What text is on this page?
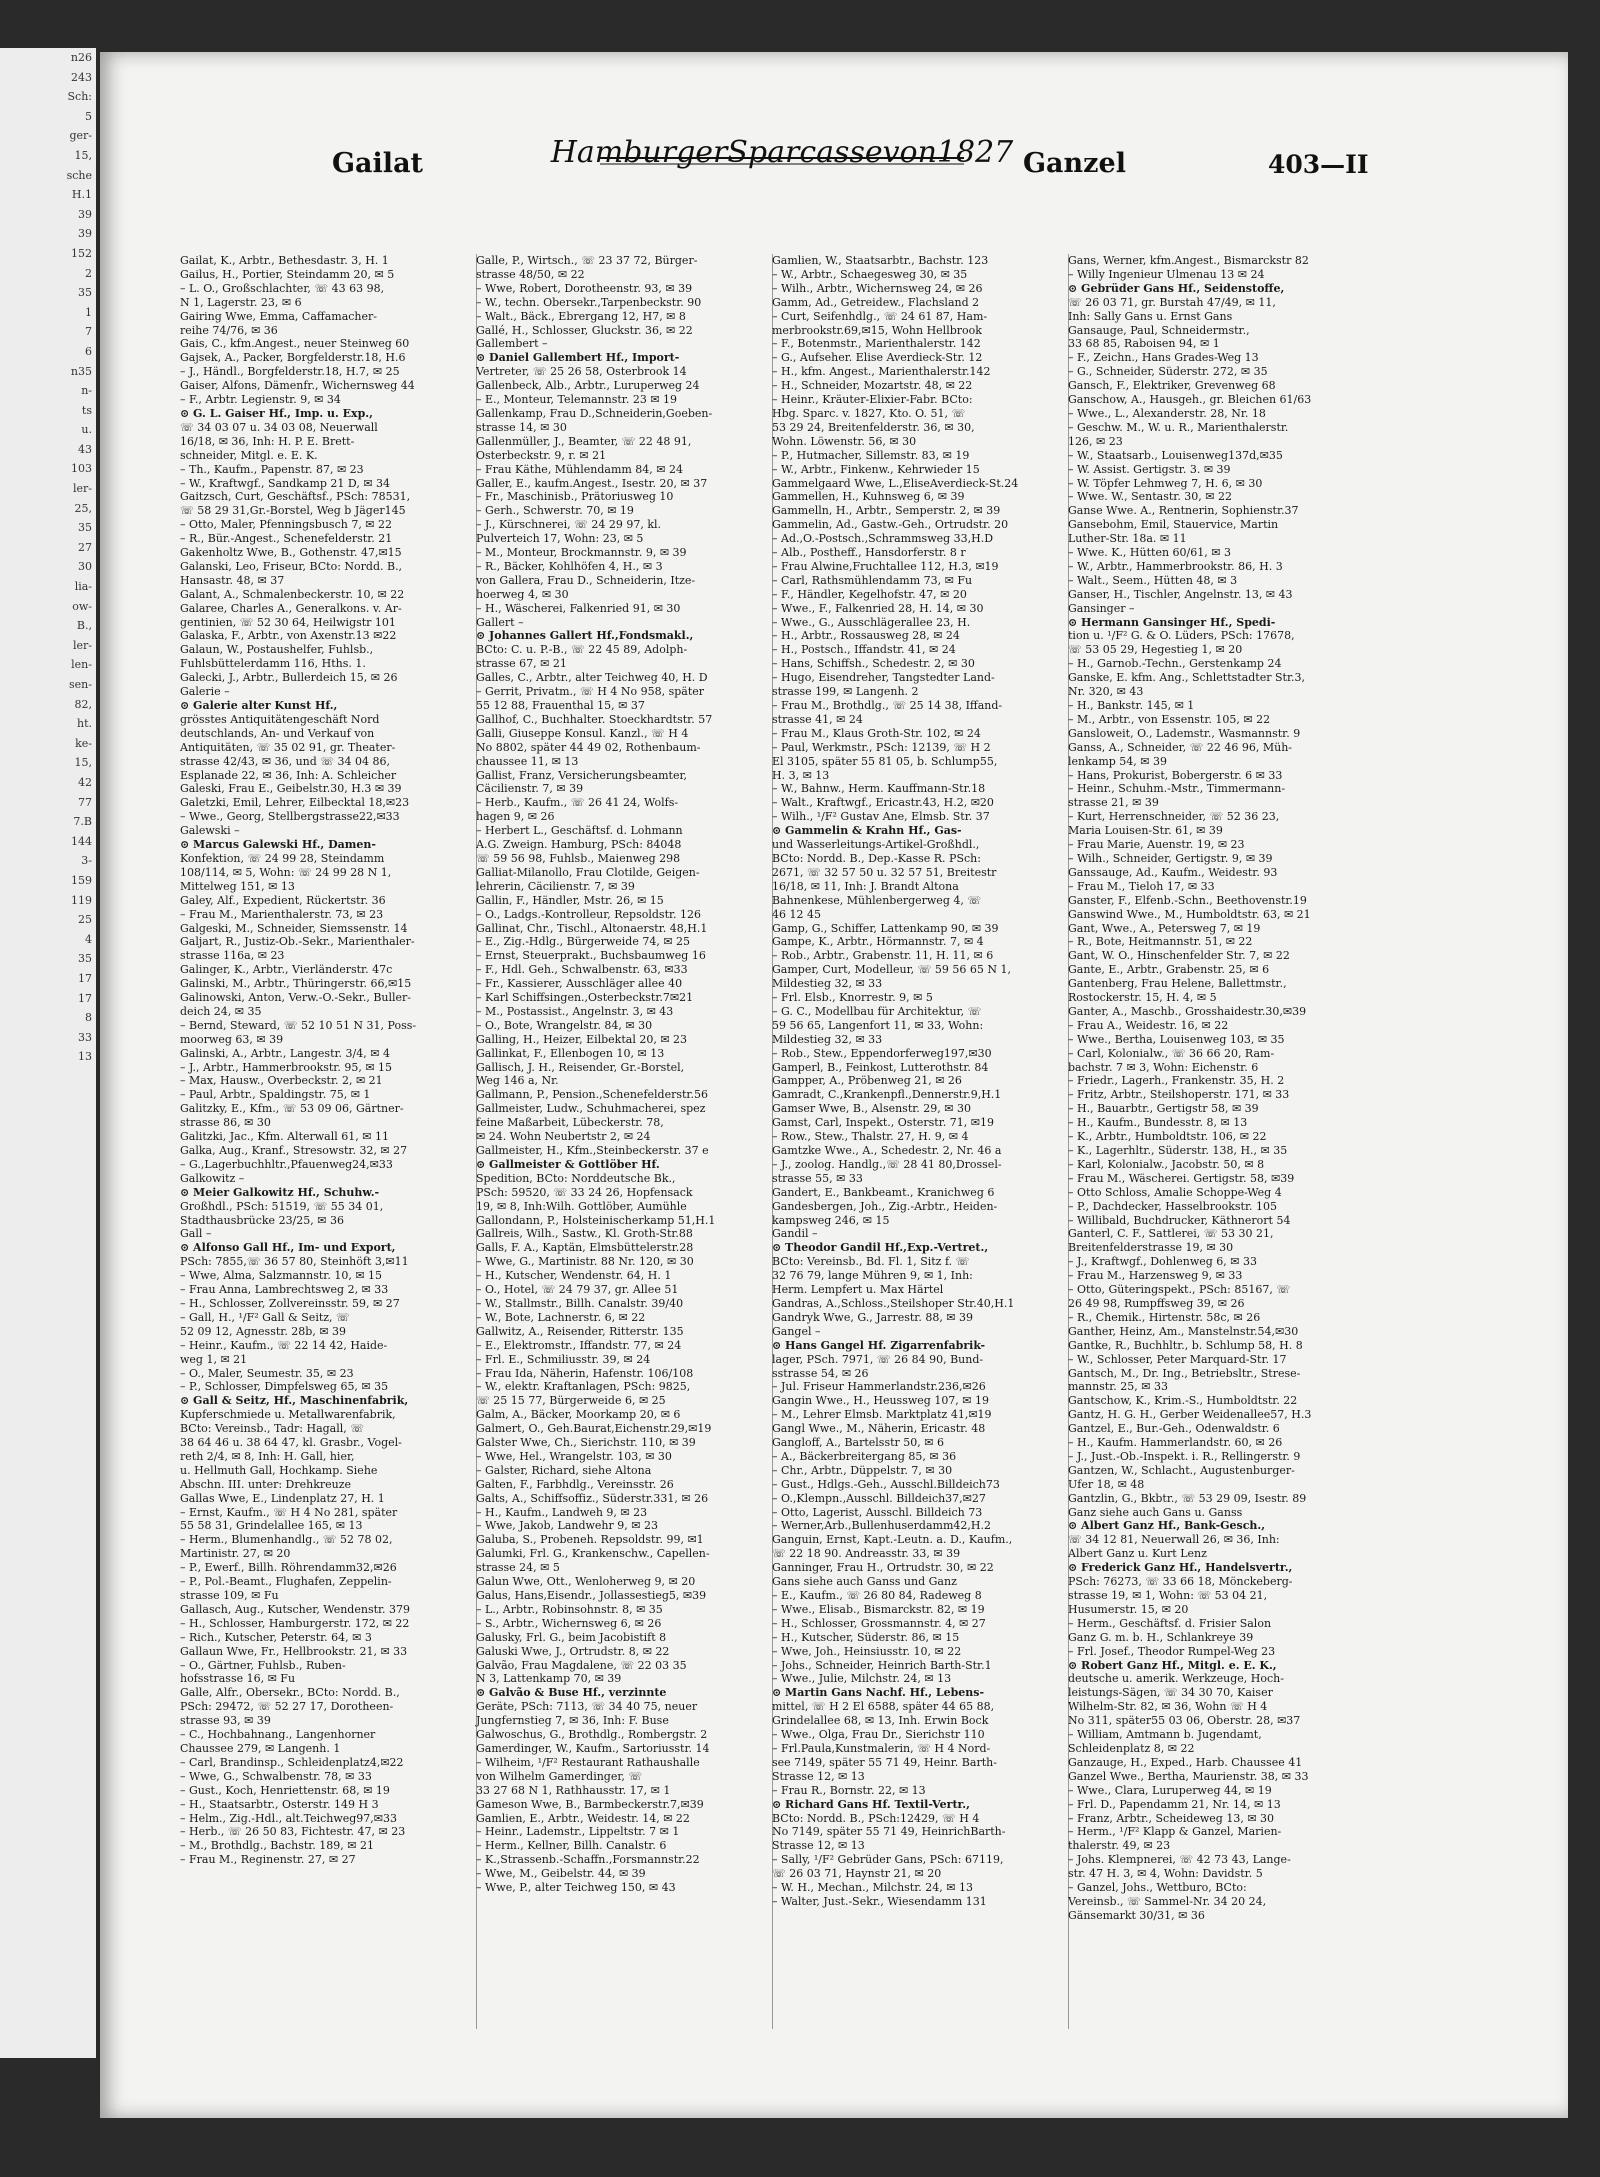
n26
243
Sch:
5
ger-
15,
sche
H.1
39
39
152
2
35
1
7
6
n35
n-
ts
u.
43
103
ler-
25,
35
27
30
lia-
ow-
B.,
ler-
len-
sen-
82,
ht.
ke-
15,
42
77
7.B
144
3-
159
119
25
4
35
17
17
8
33
13
Gailat	HamburgerSparcassevon1827 Ganzel	403—II
Gailat, K., Arbtr., Bethesdastr. 3, H. 1
Gailus, H., Portier, Steindamm 20, ✉ 5
– L. O., Großschlachter, ☏ 43 63 98,
N 1, Lagerstr. 23, ✉ 6
Gairing Wwe, Emma, Caffamacher-
reihe 74/76, ✉ 36
Gais, C., kfm.Angest., neuer Steinweg 60
Gajsek, A., Packer, Borgfelderstr.18, H.6
– J., Händl., Borgfelderstr.18, H.7, ✉ 25
Gaiser, Alfons, Dämenfr., Wichernsweg 44
– F., Arbtr. Legienstr. 9, ✉ 34
⊙ G. L. Gaiser Hf., Imp. u. Exp.,
☏ 34 03 07 u. 34 03 08, Neuerwall
16/18, ✉ 36, Inh: H. P. E. Brett-
schneider, Mitgl. e. E. K.
– Th., Kaufm., Papenstr. 87, ✉ 23
– W., Kraftwgf., Sandkamp 21 D, ✉ 34
Gaitzsch, Curt, Geschäftsf., PSch: 78531,
☏ 58 29 31,Gr.-Borstel, Weg b Jäger145
– Otto, Maler, Pfenningsbusch 7, ✉ 22
– R., Bür.-Angest., Schenefelderstr. 21
Gakenholtz Wwe, B., Gothenstr. 47,✉15
Galanski, Leo, Friseur, BCto: Nordd. B.,
Hansastr. 48, ✉ 37
Galant, A., Schmalenbeckerstr. 10, ✉ 22
Galaree, Charles A., Generalkons. v. Ar-
gentinien, ☏ 52 30 64, Heilwigstr 101
Galaska, F., Arbtr., von Axenstr.13 ✉22
Galaun, W., Postaushelfer, Fuhlsb.,
Fuhlsbüttelerdamm 116, Hths. 1.
Galecki, J., Arbtr., Bullerdeich 15, ✉ 26
Galerie –
⊙ Galerie alter Kunst Hf.,
grösstes Antiquitätengeschäft Nord
deutschlands, An- und Verkauf von
Antiquitäten, ☏ 35 02 91, gr. Theater-
strasse 42/43, ✉ 36, und ☏ 34 04 86,
Esplanade 22, ✉ 36, Inh: A. Schleicher
Galeski, Frau E., Geibelstr.30, H.3 ✉ 39
Galetzki, Emil, Lehrer, Eilbecktal 18,✉23
– Wwe., Georg, Stellbergstrasse22,✉33
Galewski –
⊙ Marcus Galewski Hf., Damen-
Konfektion, ☏ 24 99 28, Steindamm
108/114, ✉ 5, Wohn: ☏ 24 99 28 N 1,
Mittelweg 151, ✉ 13
Galey, Alf., Expedient, Rückertstr. 36
– Frau M., Marienthalerstr. 73, ✉ 23
Galgeski, M., Schneider, Siemssenstr. 14
Galjart, R., Justiz-Ob.-Sekr., Marienthaler-
strasse 116a, ✉ 23
Galinger, K., Arbtr., Vierländerstr. 47c
Galinski, M., Arbtr., Thüringerstr. 66,✉15
Galinowski, Anton, Verw.-O.-Sekr., Buller-
deich 24, ✉ 35
– Bernd, Steward, ☏ 52 10 51 N 31, Poss-
moorweg 63, ✉ 39
Galinski, A., Arbtr., Langestr. 3/4, ✉ 4
– J., Arbtr., Hammerbrookstr. 95, ✉ 15
– Max, Hausw., Overbeckstr. 2, ✉ 21
– Paul, Arbtr., Spaldingstr. 75, ✉ 1
Galitzky, E., Kfm., ☏ 53 09 06, Gärtner-
strasse 86, ✉ 30
Galitzki, Jac., Kfm. Alterwall 61, ✉ 11
Galka, Aug., Kranf., Stresowstr. 32, ✉ 27
– G.,Lagerbuchhltr.,Pfauenweg24,✉33
Galkowitz –
⊙ Meier Galkowitz Hf., Schuhw.-
Großhdl., PSch: 51519, ☏ 55 34 01,
Stadthausbrücke 23/25, ✉ 36
Gall –
⊙ Alfonso Gall Hf., Im- und Export,
PSch: 7855,☏ 36 57 80, Steinhöft 3,✉11
– Wwe, Alma, Salzmannstr. 10, ✉ 15
– Frau Anna, Lambrechtsweg 2, ✉ 33
– H., Schlosser, Zollvereinsstr. 59, ✉ 27
– Gall, H., ¹/F² Gall & Seitz, ☏
52 09 12, Agnesstr. 28b, ✉ 39
– Heinr., Kaufm., ☏ 22 14 42, Haide-
weg 1, ✉ 21
– O., Maler, Seumestr. 35, ✉ 23
– P., Schlosser, Dimpfelsweg 65, ✉ 35
⊙ Gall & Seitz, Hf., Maschinenfabrik,
Kupferschmiede u. Metallwarenfabrik,
BCto: Vereinsb., Tadr: Hagall, ☏
38 64 46 u. 38 64 47, kl. Grasbr., Vogel-
reth 2/4, ✉ 8, Inh: H. Gall, hier,
u. Hellmuth Gall, Hochkamp. Siehe
Abschn. III. unter: Drehkreuze
Gallas Wwe, E., Lindenplatz 27, H. 1
– Ernst, Kaufm., ☏ H 4 No 281, später
55 58 31, Grindelallee 165, ✉ 13
– Herm., Blumenhandlg., ☏ 52 78 02,
Martinistr. 27, ✉ 20
– P., Ewerf., Billh. Röhrendamm32,✉26
– P., Pol.-Beamt., Flughafen, Zeppelin-
strasse 109, ✉ Fu
Gallasch, Aug., Kutscher, Wendenstr. 379
– H., Schlosser, Hamburgerstr. 172, ✉ 22
– Rich., Kutscher, Peterstr. 64, ✉ 3
Gallaun Wwe, Fr., Hellbrookstr. 21, ✉ 33
– O., Gärtner, Fuhlsb., Ruben-
hofsstrasse 16, ✉ Fu
Galle, Alfr., Obersekr., BCto: Nordd. B.,
PSch: 29472, ☏ 52 27 17, Dorotheen-
strasse 93, ✉ 39
– C., Hochbahnang., Langenhorner
Chaussee 279, ✉ Langenh. 1
– Carl, Brandinsp., Schleidenplatz4,✉22
– Wwe, G., Schwalbenstr. 78, ✉ 33
– Gust., Koch, Henriettenstr. 68, ✉ 19
– H., Staatsarbtr., Osterstr. 149 H 3
– Helm., Zig.-Hdl., alt.Teichweg97,✉33
– Herb., ☏ 26 50 83, Fichtestr. 47, ✉ 23
– M., Brothdlg., Bachstr. 189, ✉ 21
– Frau M., Reginenstr. 27, ✉ 27
Galle, P., Wirtsch., ☏ 23 37 72, Bürger-
strasse 48/50, ✉ 22
– Wwe, Robert, Dorotheenstr. 93, ✉ 39
– W., techn. Obersekr.,Tarpenbeckstr. 90
– Walt., Bäck., Ebrergang 12, H7, ✉ 8
Gallé, H., Schlosser, Gluckstr. 36, ✉ 22
Gallembert –
⊙ Daniel Gallembert Hf., Import-
Vertreter, ☏ 25 26 58, Osterbrook 14
Gallenbeck, Alb., Arbtr., Luruperweg 24
– E., Monteur, Telemannstr. 23 ✉ 19
Gallenkamp, Frau D.,Schneiderin,Goeben-
strasse 14, ✉ 30
Gallenmüller, J., Beamter, ☏ 22 48 91,
Osterbeckstr. 9, r. ✉ 21
– Frau Käthe, Mühlendamm 84, ✉ 24
Galler, E., kaufm.Angest., Isestr. 20, ✉ 37
– Fr., Maschinisb., Prätoriusweg 10
– Gerh., Schwerstr. 70, ✉ 19
– J., Kürschnerei, ☏ 24 29 97, kl.
Pulverteich 17, Wohn: 23, ✉ 5
– M., Monteur, Brockmannstr. 9, ✉ 39
– R., Bäcker, Kohlhöfen 4, H., ✉ 3
von Gallera, Frau D., Schneiderin, Itze-
hoerweg 4, ✉ 30
– H., Wäscherei, Falkenried 91, ✉ 30
Gallert –
⊙ Johannes Gallert Hf.,Fondsmakl.,
BCto: C. u. P.-B., ☏ 22 45 89, Adolph-
strasse 67, ✉ 21
Galles, C., Arbtr., alter Teichweg 40, H. D
– Gerrit, Privatm., ☏ H 4 No 958, später
55 12 88, Frauenthal 15, ✉ 37
Gallhof, C., Buchhalter. Stoeckhardtstr. 57
Galli, Giuseppe Konsul. Kanzl., ☏ H 4
No 8802, später 44 49 02, Rothenbaum-
chaussee 11, ✉ 13
Gallist, Franz, Versicherungsbeamter,
Cäcilienstr. 7, ✉ 39
– Herb., Kaufm., ☏ 26 41 24, Wolfs-
hagen 9, ✉ 26
– Herbert L., Geschäftsf. d. Lohmann
A.G. Zweign. Hamburg, PSch: 84048
☏ 59 56 98, Fuhlsb., Maienweg 298
Galliat-Milanollo, Frau Clotilde, Geigen-
lehrerin, Cäcilienstr. 7, ✉ 39
Gallin, F., Händler, Mstr. 26, ✉ 15
– O., Ladgs.-Kontrolleur, Repsoldstr. 126
Gallinat, Chr., Tischl., Altonaerstr. 48,H.1
– E., Zig.-Hdlg., Bürgerweide 74, ✉ 25
– Ernst, Steuerprakt., Buchsbaumweg 16
– F., Hdl. Geh., Schwalbenstr. 63, ✉33
– Fr., Kassierer, Ausschläger allee 40
– Karl Schiffsingen.,Osterbeckstr.7✉21
– M., Postassist., Angelnstr. 3, ✉ 43
– O., Bote, Wrangelstr. 84, ✉ 30
Galling, H., Heizer, Eilbektal 20, ✉ 23
Gallinkat, F., Ellenbogen 10, ✉ 13
Gallisch, J. H., Reisender, Gr.-Borstel,
Weg 146 a, Nr.
Gallmann, P., Pension.,Schenefelderstr.56
Gallmeister, Ludw., Schuhmacherei, spez
feine Maßarbeit, Lübeckerstr. 78,
✉ 24. Wohn Neubertstr 2, ✉ 24
Gallmeister, H., Kfm.,Steinbeckerstr. 37 e
⊙ Gallmeister & Gottlöber Hf.
Spedition, BCto: Norddeutsche Bk.,
PSch: 59520, ☏ 33 24 26, Hopfensack
19, ✉ 8, Inh:Wilh. Gottlöber, Aumühle
Gallondann, P., Holsteinischerkamp 51,H.1
Gallreis, Wilh., Sastw., Kl. Groth-Str.88
Galls, F. A., Kaptän, Elmsbüttelerstr.28
– Wwe, G., Martinistr. 88 Nr. 120, ✉ 30
– H., Kutscher, Wendenstr. 64, H. 1
– O., Hotel, ☏ 24 79 37, gr. Allee 51
– W., Stallmstr., Billh. Canalstr. 39/40
– W., Bote, Lachnerstr. 6, ✉ 22
Gallwitz, A., Reisender, Ritterstr. 135
– E., Elektromstr., Iffandstr. 77, ✉ 24
– Frl. E., Schmiliusstr. 39, ✉ 24
– Frau Ida, Näherin, Hafenstr. 106/108
– W., elektr. Kraftanlagen, PSch: 9825,
☏ 25 15 77, Bürgerweide 6, ✉ 25
Galm, A., Bäcker, Moorkamp 20, ✉ 6
Galmert, O., Geh.Baurat,Eichenstr.29,✉19
Galster Wwe, Ch., Sierichstr. 110, ✉ 39
– Wwe, Hel., Wrangelstr. 103, ✉ 30
– Galster, Richard, siehe Altona
Galten, F., Farbhdlg., Vereinsstr. 26
Galts, A., Schiffsoffiz., Süderstr.331, ✉ 26
– H., Kaufm., Landweh 9, ✉ 23
– Wwe, Jakob, Landwehr 9, ✉ 23
Galuba, S., Probeneh. Repsoldstr. 99, ✉1
Galumki, Frl. G., Krankenschw., Capellen-
strasse 24, ✉ 5
Galun Wwe, Ott., Wenloherweg 9, ✉ 20
Galus, Hans,Eisendr., Jollassestieg5, ✉39
– L., Arbtr., Robinsohnstr. 8, ✉ 35
– S., Arbtr., Wichernsweg 6, ✉ 26
Galusky, Frl. G., beim Jacobistift 8
Galuski Wwe, J., Ortrudstr. 8, ✉ 22
Galvão, Frau Magdalene, ☏ 22 03 35
N 3, Lattenkamp 70, ✉ 39
⊙ Galvão & Buse Hf., verzinnte
Geräte, PSch: 7113, ☏ 34 40 75, neuer
Jungfernstieg 7, ✉ 36, Inh: F. Buse
Galwoschus, G., Brothdlg., Rombergstr. 2
Gamerdinger, W., Kaufm., Sartoriusstr. 14
– Wilheim, ¹/F² Restaurant Rathaushalle
von Wilhelm Gamerdinger, ☏
33 27 68 N 1, Rathhausstr. 17, ✉ 1
Gameson Wwe, B., Barmbeckerstr.7,✉39
Gamlien, E., Arbtr., Weidestr. 14, ✉ 22
– Heinr., Lademstr., Lippeltstr. 7 ✉ 1
– Herm., Kellner, Billh. Canalstr. 6
– K.,Strassenb.-Schaffn.,Forsmannstr.22
– Wwe, M., Geibelstr. 44, ✉ 39
– Wwe, P., alter Teichweg 150, ✉ 43
Gamlien, W., Staatsarbtr., Bachstr. 123
– W., Arbtr., Schaegesweg 30, ✉ 35
– Wilh., Arbtr., Wichernsweg 24, ✉ 26
Gamm, Ad., Getreidew., Flachsland 2
– Curt, Seifenhdlg., ☏ 24 61 87, Ham-
merbrookstr.69,✉15, Wohn Hellbrook
– F., Botenmstr., Marienthalerstr. 142
– G., Aufseher. Elise Averdieck-Str. 12
– H., kfm. Angest., Marienthalerstr.142
– H., Schneider, Mozartstr. 48, ✉ 22
– Heinr., Kräuter-Elixier-Fabr. BCto:
Hbg. Sparc. v. 1827, Kto. O. 51, ☏
53 29 24, Breitenfelderstr. 36, ✉ 30,
Wohn. Löwenstr. 56, ✉ 30
– P., Hutmacher, Sillemstr. 83, ✉ 19
– W., Arbtr., Finkenw., Kehrwieder 15
Gammelgaard Wwe, L.,EliseAverdieck-St.24
Gammellen, H., Kuhnsweg 6, ✉ 39
Gammelln, H., Arbtr., Semperstr. 2, ✉ 39
Gammelin, Ad., Gastw.-Geh., Ortrudstr. 20
– Ad.,O.-Postsch.,Schrammsweg 33,H.D
– Alb., Postheff., Hansdorferstr. 8 r
– Frau Alwine,Fruchtallee 112, H.3, ✉19
– Carl, Rathsmühlendamm 73, ✉ Fu
– F., Händler, Kegelhofstr. 47, ✉ 20
– Wwe., F., Falkenried 28, H. 14, ✉ 30
– Wwe., G., Ausschlägerallee 23, H.
– H., Arbtr., Rossausweg 28, ✉ 24
– H., Postsch., Iffandstr. 41, ✉ 24
– Hans, Schiffsh., Schedestr. 2, ✉ 30
– Hugo, Eisendreher, Tangstedter Land-
strasse 199, ✉ Langenh. 2
– Frau M., Brothdlg., ☏ 25 14 38, Iffand-
strasse 41, ✉ 24
– Frau M., Klaus Groth-Str. 102, ✉ 24
– Paul, Werkmstr., PSch: 12139, ☏ H 2
El 3105, später 55 81 05, b. Schlump55,
H. 3, ✉ 13
– W., Bahnw., Herm. Kauffmann-Str.18
– Walt., Kraftwgf., Ericastr.43, H.2, ✉20
– Wilh., ¹/F² Gustav Ane, Elmsb. Str. 37
⊙ Gammelin & Krahn Hf., Gas-
und Wasserleitungs-Artikel-Großhdl.,
BCto: Nordd. B., Dep.-Kasse R. PSch:
2671, ☏ 32 57 50 u. 32 57 51, Breitestr
16/18, ✉ 11, Inh: J. Brandt Altona
Bahnenkese, Mühlenbergerweg 4, ☏
46 12 45
Gamp, G., Schiffer, Lattenkamp 90, ✉ 39
Gampe, K., Arbtr., Hörmannstr. 7, ✉ 4
– Rob., Arbtr., Grabenstr. 11, H. 11, ✉ 6
Gamper, Curt, Modelleur, ☏ 59 56 65 N 1,
Mildestieg 32, ✉ 33
– Frl. Elsb., Knorrestr. 9, ✉ 5
– G. C., Modellbau für Architektur, ☏
59 56 65, Langenfort 11, ✉ 33, Wohn:
Mildestieg 32, ✉ 33
– Rob., Stew., Eppendorferweg197,✉30
Gamperl, B., Feinkost, Lutterothstr. 84
Gampper, A., Pröbenweg 21, ✉ 26
Gamradt, C.,Krankenpfl.,Dennerstr.9,H.1
Gamser Wwe, B., Alsenstr. 29, ✉ 30
Gamst, Carl, Inspekt., Osterstr. 71, ✉19
– Row., Stew., Thalstr. 27, H. 9, ✉ 4
Gamtzke Wwe., A., Schedestr. 2, Nr. 46 a
– J., zoolog. Handlg.,☏ 28 41 80,Drossel-
strasse 55, ✉ 33
Gandert, E., Bankbeamt., Kranichweg 6
Gandesbergen, Joh., Zig.-Arbtr., Heiden-
kampsweg 246, ✉ 15
Gandil –
⊙ Theodor Gandil Hf.,Exp.-Vertret.,
BCto: Vereinsb., Bd. Fl. 1, Sitz f. ☏
32 76 79, lange Mühren 9, ✉ 1, Inh:
Herm. Lempfert u. Max Härtel
Gandras, A.,Schloss.,Steilshoper Str.40,H.1
Gandryk Wwe, G., Jarrestr. 88, ✉ 39
Gangel –
⊙ Hans Gangel Hf. Zigarrenfabrik-
lager, PSch. 7971, ☏ 26 84 90, Bund-
sstrasse 54, ✉ 26
– Jul. Friseur Hammerlandstr.236,✉26
Gangin Wwe., H., Heussweg 107, ✉ 19
– M., Lehrer Elmsb. Marktplatz 41,✉19
Gangl Wwe., M., Näherin, Ericastr. 48
Gangloff, A., Bartelsstr 50, ✉ 6
– A., Bäckerbreitergang 85, ✉ 36
– Chr., Arbtr., Düppelstr. 7, ✉ 30
– Gust., Hdlgs.-Geh., Ausschl.Billdeich73
– O.,Klempn.,Ausschl. Billdeich37,✉27
– Otto, Lagerist, Ausschl. Billdeich 73
– Werner,Arb.,Bullenhuserdamm42,H.2
Ganguin, Ernst, Kapt.-Leutn. a. D., Kaufm.,
☏ 22 18 90. Andreasstr. 33, ✉ 39
Ganninger, Frau H., Ortrudstr. 30, ✉ 22
Gans siehe auch Ganss und Ganz
– E., Kaufm., ☏ 26 80 84, Radeweg 8
– Wwe., Elisab., Bismarckstr. 82, ✉ 19
– H., Schlosser, Grossmannstr. 4, ✉ 27
– H., Kutscher, Süderstr. 86, ✉ 15
– Wwe, Joh., Heinsiusstr. 10, ✉ 22
– Johs., Schneider, Heinrich Barth-Str.1
– Wwe., Julie, Milchstr. 24, ✉ 13
⊙ Martin Gans Nachf. Hf., Lebens-
mittel, ☏ H 2 El 6588, später 44 65 88,
Grindelallee 68, ✉ 13, Inh. Erwin Bock
– Wwe., Olga, Frau Dr., Sierichstr 110
– Frl.Paula,Kunstmalerin, ☏ H 4 Nord-
see 7149, später 55 71 49, Heinr. Barth-
Strasse 12, ✉ 13
– Frau R., Bornstr. 22, ✉ 13
⊙ Richard Gans Hf. Textil-Vertr.,
BCto: Nordd. B., PSch:12429, ☏ H 4
No 7149, später 55 71 49, HeinrichBarth-
Strasse 12, ✉ 13
– Sally, ¹/F² Gebrüder Gans, PSch: 67119,
☏ 26 03 71, Haynstr 21, ✉ 20
– W. H., Mechan., Milchstr. 24, ✉ 13
– Walter, Just.-Sekr., Wiesendamm 131
Gans, Werner, kfm.Angest., Bismarckstr 82
– Willy Ingenieur Ulmenau 13 ✉ 24
⊙ Gebrüder Gans Hf., Seidenstoffe,
☏ 26 03 71, gr. Burstah 47/49, ✉ 11,
Inh: Sally Gans u. Ernst Gans
Gansauge, Paul, Schneidermstr.,
33 68 85, Raboisen 94, ✉ 1
– F., Zeichn., Hans Grades-Weg 13
– G., Schneider, Süderstr. 272, ✉ 35
Gansch, F., Elektriker, Grevenweg 68
Ganschow, A., Hausgeh., gr. Bleichen 61/63
– Wwe., L., Alexanderstr. 28, Nr. 18
– Geschw. M., W. u. R., Marienthalerstr.
126, ✉ 23
– W., Staatsarb., Louisenweg137d,✉35
– W. Assist. Gertigstr. 3. ✉ 39
– W. Töpfer Lehmweg 7, H. 6, ✉ 30
– Wwe. W., Sentastr. 30, ✉ 22
Ganse Wwe. A., Rentnerin, Sophienstr.37
Gansebohm, Emil, Stauervice, Martin
Luther-Str. 18a. ✉ 11
– Wwe. K., Hütten 60/61, ✉ 3
– W., Arbtr., Hammerbrookstr. 86, H. 3
– Walt., Seem., Hütten 48, ✉ 3
Ganser, H., Tischler, Angelnstr. 13, ✉ 43
Gansinger –
⊙ Hermann Gansinger Hf., Spedi-
tion u. ¹/F² G. & O. Lüders, PSch: 17678,
☏ 53 05 29, Hegestieg 1, ✉ 20
– H., Garnob.-Techn., Gerstenkamp 24
Ganske, E. kfm. Ang., Schlettstadter Str.3,
Nr. 320, ✉ 43
– H., Bankstr. 145, ✉ 1
– M., Arbtr., von Essenstr. 105, ✉ 22
Gansloweit, O., Lademstr., Wasmannstr. 9
Ganss, A., Schneider, ☏ 22 46 96, Müh-
lenkamp 54, ✉ 39
– Hans, Prokurist, Bobergerstr. 6 ✉ 33
– Heinr., Schuhm.-Mstr., Timmermann-
strasse 21, ✉ 39
– Kurt, Herrenschneider, ☏ 52 36 23,
Maria Louisen-Str. 61, ✉ 39
– Frau Marie, Auenstr. 19, ✉ 23
– Wilh., Schneider, Gertigstr. 9, ✉ 39
Ganssauge, Ad., Kaufm., Weidestr. 93
– Frau M., Tieloh 17, ✉ 33
Ganster, F., Elfenb.-Schn., Beethovenstr.19
Ganswind Wwe., M., Humboldtstr. 63, ✉ 21
Gant, Wwe., A., Petersweg 7, ✉ 19
– R., Bote, Heitmannstr. 51, ✉ 22
Gant, W. O., Hinschenfelder Str. 7, ✉ 22
Gante, E., Arbtr., Grabenstr. 25, ✉ 6
Gantenberg, Frau Helene, Ballettmstr.,
Rostockerstr. 15, H. 4, ✉ 5
Ganter, A., Maschb., Grosshaidestr.30,✉39
– Frau A., Weidestr. 16, ✉ 22
– Wwe., Bertha, Louisenweg 103, ✉ 35
– Carl, Kolonialw., ☏ 36 66 20, Ram-
bachstr. 7 ✉ 3, Wohn: Eichenstr. 6
– Friedr., Lagerh., Frankenstr. 35, H. 2
– Fritz, Arbtr., Steilshoperstr. 171, ✉ 33
– H., Bauarbtr., Gertigstr 58, ✉ 39
– H., Kaufm., Bundesstr. 8, ✉ 13
– K., Arbtr., Humboldtstr. 106, ✉ 22
– K., Lagerhltr., Süderstr. 138, H., ✉ 35
– Karl, Kolonialw., Jacobstr. 50, ✉ 8
– Frau M., Wäscherei. Gertigstr. 58, ✉39
– Otto Schloss, Amalie Schoppe-Weg 4
– P., Dachdecker, Hasselbrookstr. 105
– Willibald, Buchdrucker, Käthnerort 54
Ganterl, C. F., Sattlerei, ☏ 53 30 21,
Breitenfelderstrasse 19, ✉ 30
– J., Kraftwgf., Dohlenweg 6, ✉ 33
– Frau M., Harzensweg 9, ✉ 33
– Otto, Güteringspekt., PSch: 85167, ☏
26 49 98, Rumpffsweg 39, ✉ 26
– R., Chemik., Hirtenstr. 58c, ✉ 26
Ganther, Heinz, Am., Manstelnstr.54,✉30
Gantke, R., Buchhltr., b. Schlump 58, H. 8
– W., Schlosser, Peter Marquard-Str. 17
Gantsch, M., Dr. Ing., Betriebsltr., Strese-
mannstr. 25, ✉ 33
Gantschow, K., Krim.-S., Humboldtstr. 22
Gantz, H. G. H., Gerber Weidenallee57, H.3
Gantzel, E., Bur.-Geh., Odenwaldstr. 6
– H., Kaufm. Hammerlandstr. 60, ✉ 26
– J., Just.-Ob.-Inspekt. i. R., Rellingerstr. 9
Gantzen, W., Schlacht., Augustenburger-
Ufer 18, ✉ 48
Gantzlin, G., Bkbtr., ☏ 53 29 09, Isestr. 89
Ganz siehe auch Gans u. Ganss
⊙ Albert Ganz Hf., Bank-Gesch.,
☏ 34 12 81, Neuerwall 26, ✉ 36, Inh:
Albert Ganz u. Kurt Lenz
⊙ Frederick Ganz Hf., Handelsvertr.,
PSch: 76273, ☏ 33 66 18, Mönckeberg-
strasse 19, ✉ 1, Wohn: ☏ 53 04 21,
Husumerstr. 15, ✉ 20
– Herm., Geschäftsf. d. Frisier Salon
Ganz G. m. b. H., Schlankreye 39
– Frl. Josef., Theodor Rumpel-Weg 23
⊙ Robert Ganz Hf., Mitgl. e. E. K.,
deutsche u. amerik. Werkzeuge, Hoch-
leistungs-Sägen, ☏ 34 30 70, Kaiser
Wilhelm-Str. 82, ✉ 36, Wohn ☏ H 4
No 311, später55 03 06, Oberstr. 28, ✉37
– William, Amtmann b. Jugendamt,
Schleidenplatz 8, ✉ 22
Ganzauge, H., Exped., Harb. Chaussee 41
Ganzel Wwe., Bertha, Maurienstr. 38, ✉ 33
– Wwe., Clara, Luruperweg 44, ✉ 19
– Frl. D., Papendamm 21, Nr. 14, ✉ 13
– Franz, Arbtr., Scheideweg 13, ✉ 30
– Herm., ¹/F² Klapp & Ganzel, Marien-
thalerstr. 49, ✉ 23
– Johs. Klempnerei, ☏ 42 73 43, Lange-
str. 47 H. 3, ✉ 4, Wohn: Davidstr. 5
– Ganzel, Johs., Wettburo, BCto:
Vereinsb., ☏ Sammel-Nr. 34 20 24,
Gänsemarkt 30/31, ✉ 36
